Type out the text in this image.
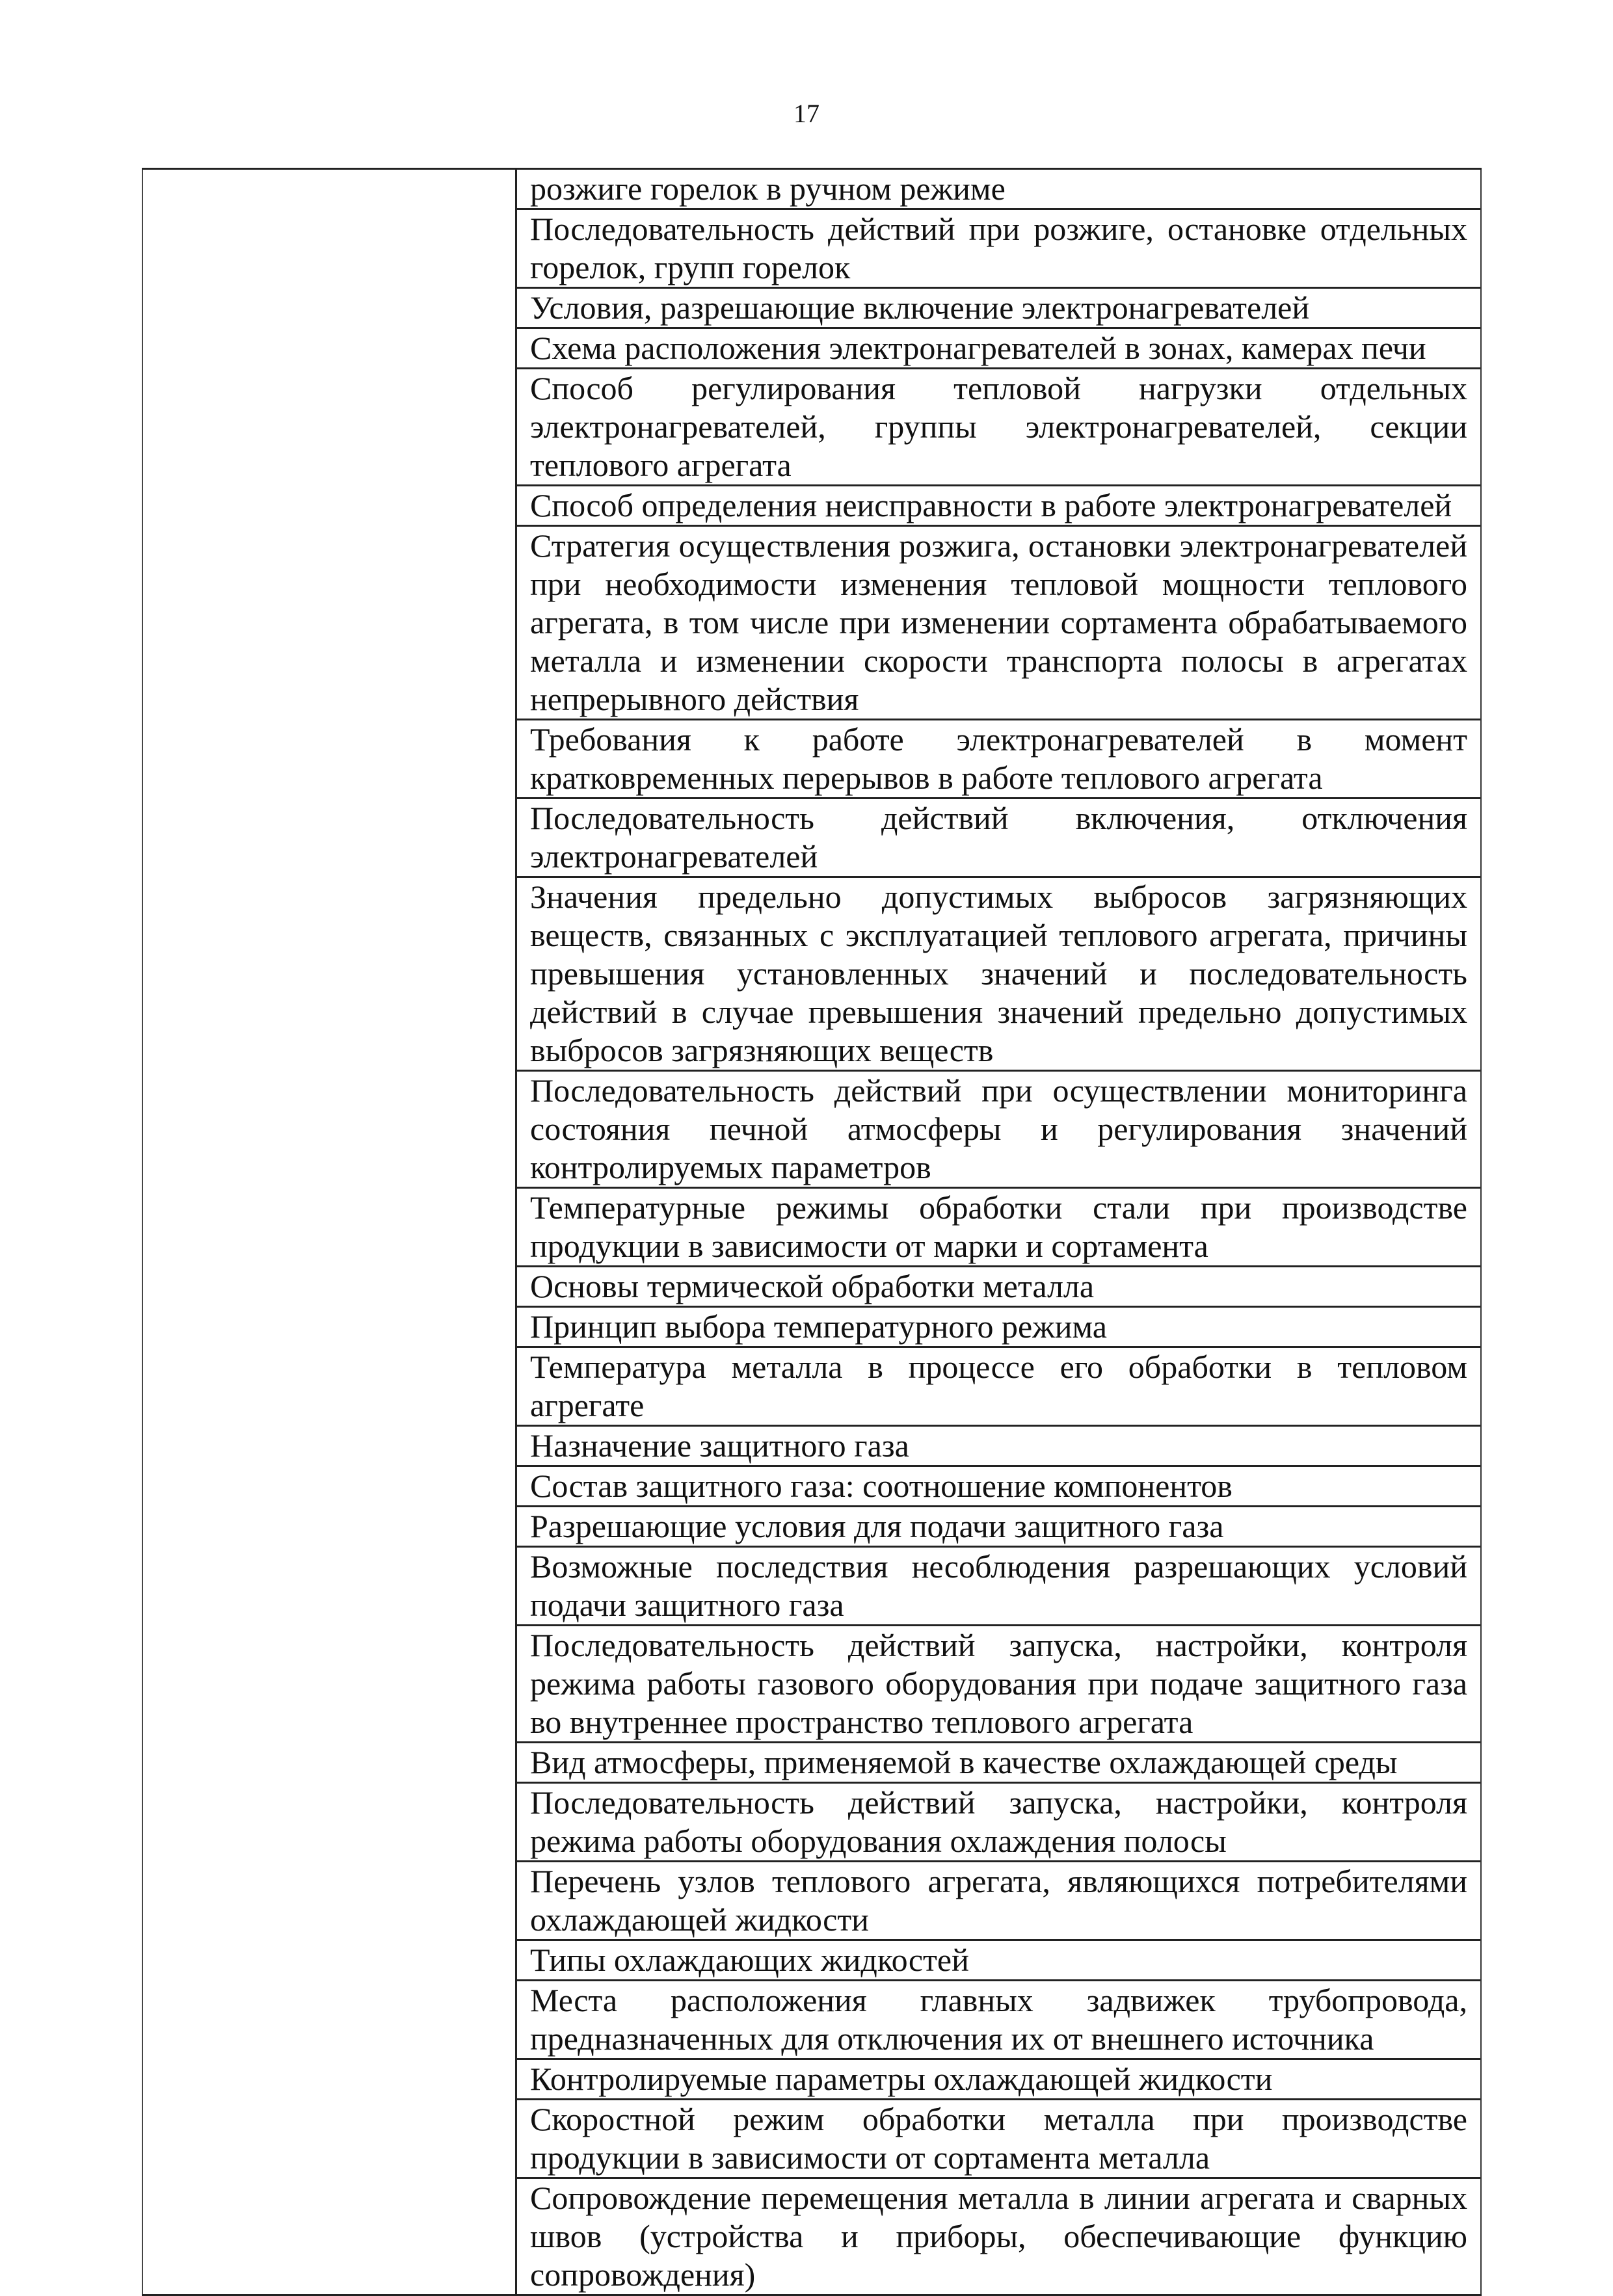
17
розжиге горелок в ручном режиме
Последовательность действий при розжиге, остановке отдельных горелок, групп горелок
Условия, разрешающие включение электронагревателей
Схема расположения электронагревателей в зонах, камерах печи
Способ регулирования тепловой нагрузки отдельных электронагревателей, группы электронагревателей, секции теплового агрегата
Способ определения неисправности в работе электронагревателей
Стратегия осуществления розжига, остановки электронагревателей при необходимости изменения тепловой мощности теплового агрегата, в том числе при изменении сортамента обрабатываемого металла и изменении скорости транспорта полосы в агрегатах непрерывного действия
Требования к работе электронагревателей в момент кратковременных перерывов в работе теплового агрегата
Последовательность действий включения, отключения электронагревателей
Значения предельно допустимых выбросов загрязняющих веществ, связанных с эксплуатацией теплового агрегата, причины превышения установленных значений и последовательность действий в случае превышения значений предельно допустимых выбросов загрязняющих веществ
Последовательность действий при осуществлении мониторинга состояния печной атмосферы и регулирования значений контролируемых параметров
Температурные режимы обработки стали при производстве продукции в зависимости от марки и сортамента
Основы термической обработки металла
Принцип выбора температурного режима
Температура металла в процессе его обработки в тепловом агрегате
Назначение защитного газа
Состав защитного газа: соотношение компонентов
Разрешающие условия для подачи защитного газа
Возможные последствия несоблюдения разрешающих условий подачи защитного газа
Последовательность действий запуска, настройки, контроля режима работы газового оборудования при подаче защитного газа во внутреннее пространство теплового агрегата
Вид атмосферы, применяемой в качестве охлаждающей среды
Последовательность действий запуска, настройки, контроля режима работы оборудования охлаждения полосы
Перечень узлов теплового агрегата, являющихся потребителями охлаждающей жидкости
Типы охлаждающих жидкостей
Места расположения главных задвижек трубопровода, предназначенных для отключения их от внешнего источника
Контролируемые параметры охлаждающей жидкости
Скоростной режим обработки металла при производстве продукции в зависимости от сортамента металла
Сопровождение перемещения металла в линии агрегата и сварных швов (устройства и приборы, обеспечивающие функцию сопровождения)
